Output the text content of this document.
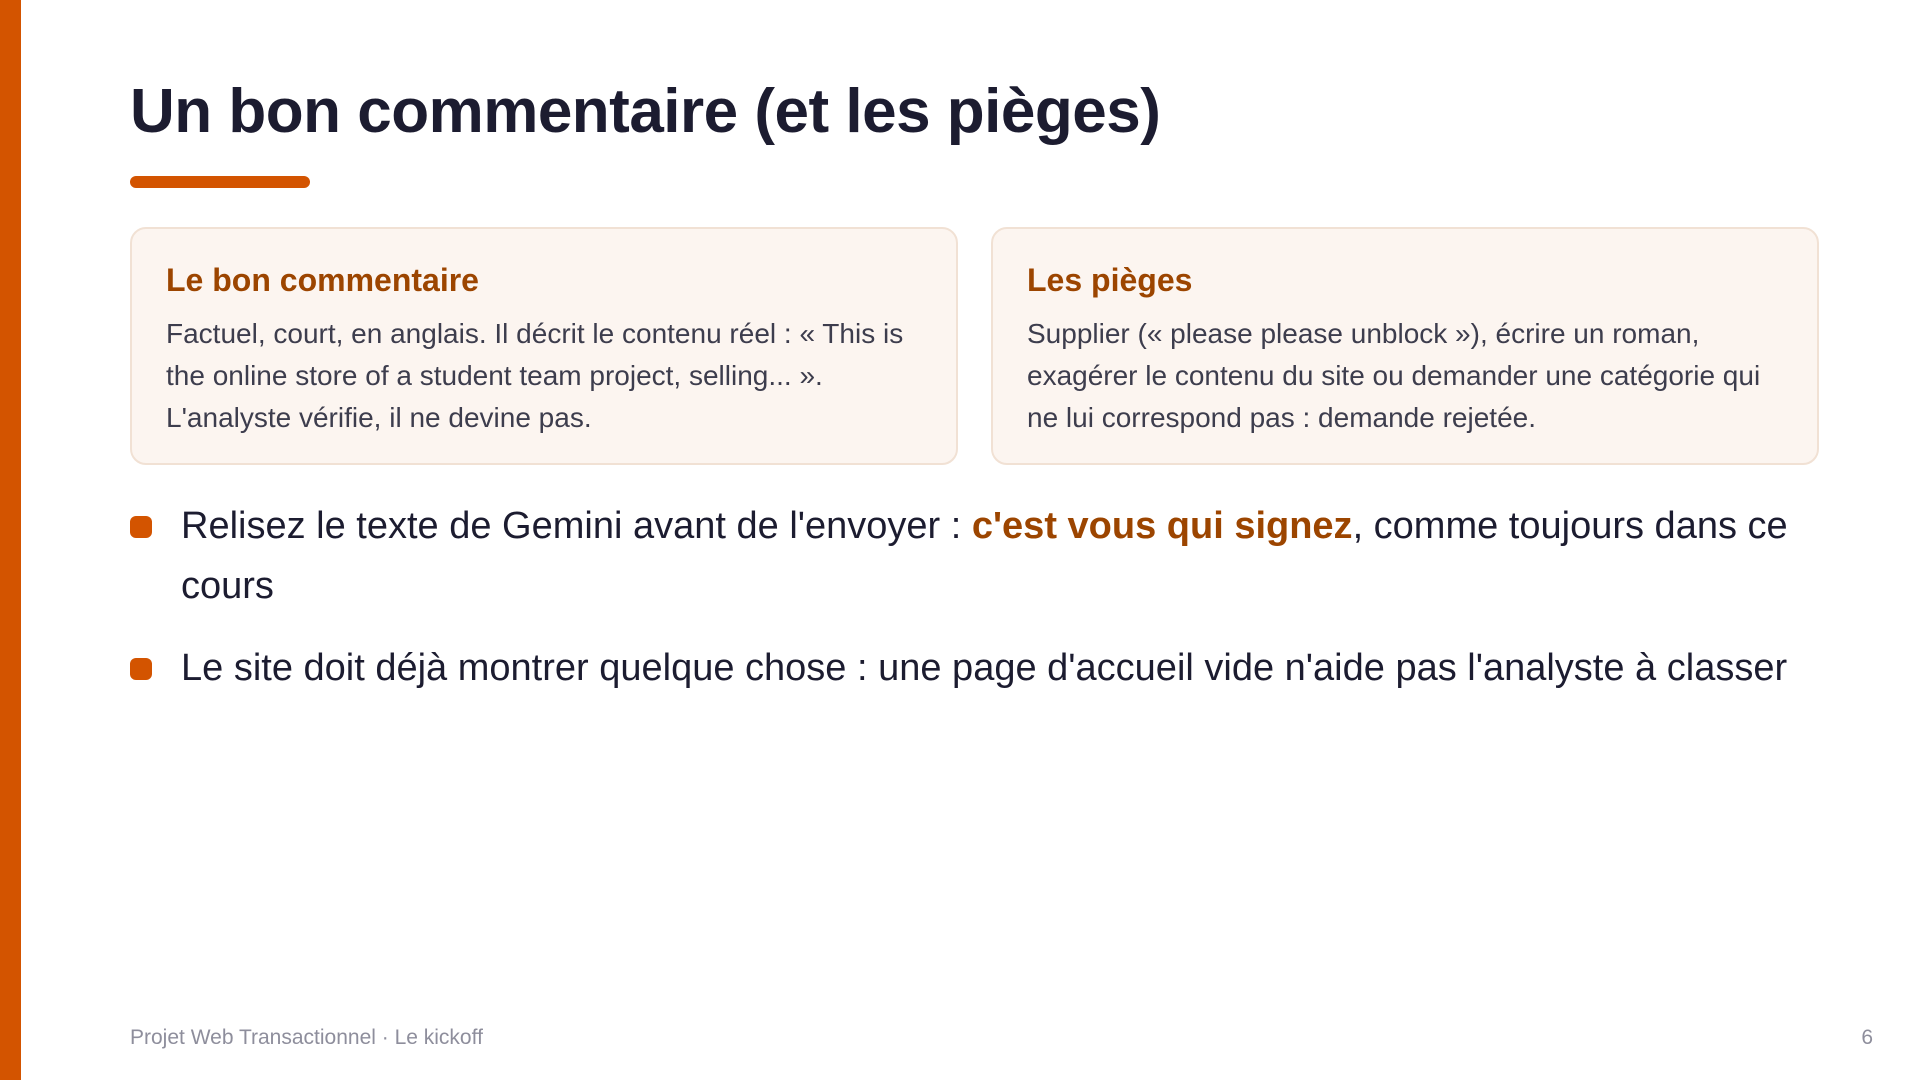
Un bon commentaire (et les pièges)
Le bon commentaire

Factuel, court, en anglais. Il décrit le contenu réel : « This is the online store of a student team project, selling... ». L'analyste vérifie, il ne devine pas.

Les pièges

Supplier (« please please unblock »), écrire un roman, exagérer le contenu du site ou demander une catégorie qui ne lui correspond pas : demande rejetée.

Relisez le texte de Gemini avant de l'envoyer : c'est vous qui signez, comme toujours dans ce cours
Le site doit déjà montrer quelque chose : une page d'accueil vide n'aide pas l'analyste à classer
Projet Web Transactionnel · Le kickoff	6
